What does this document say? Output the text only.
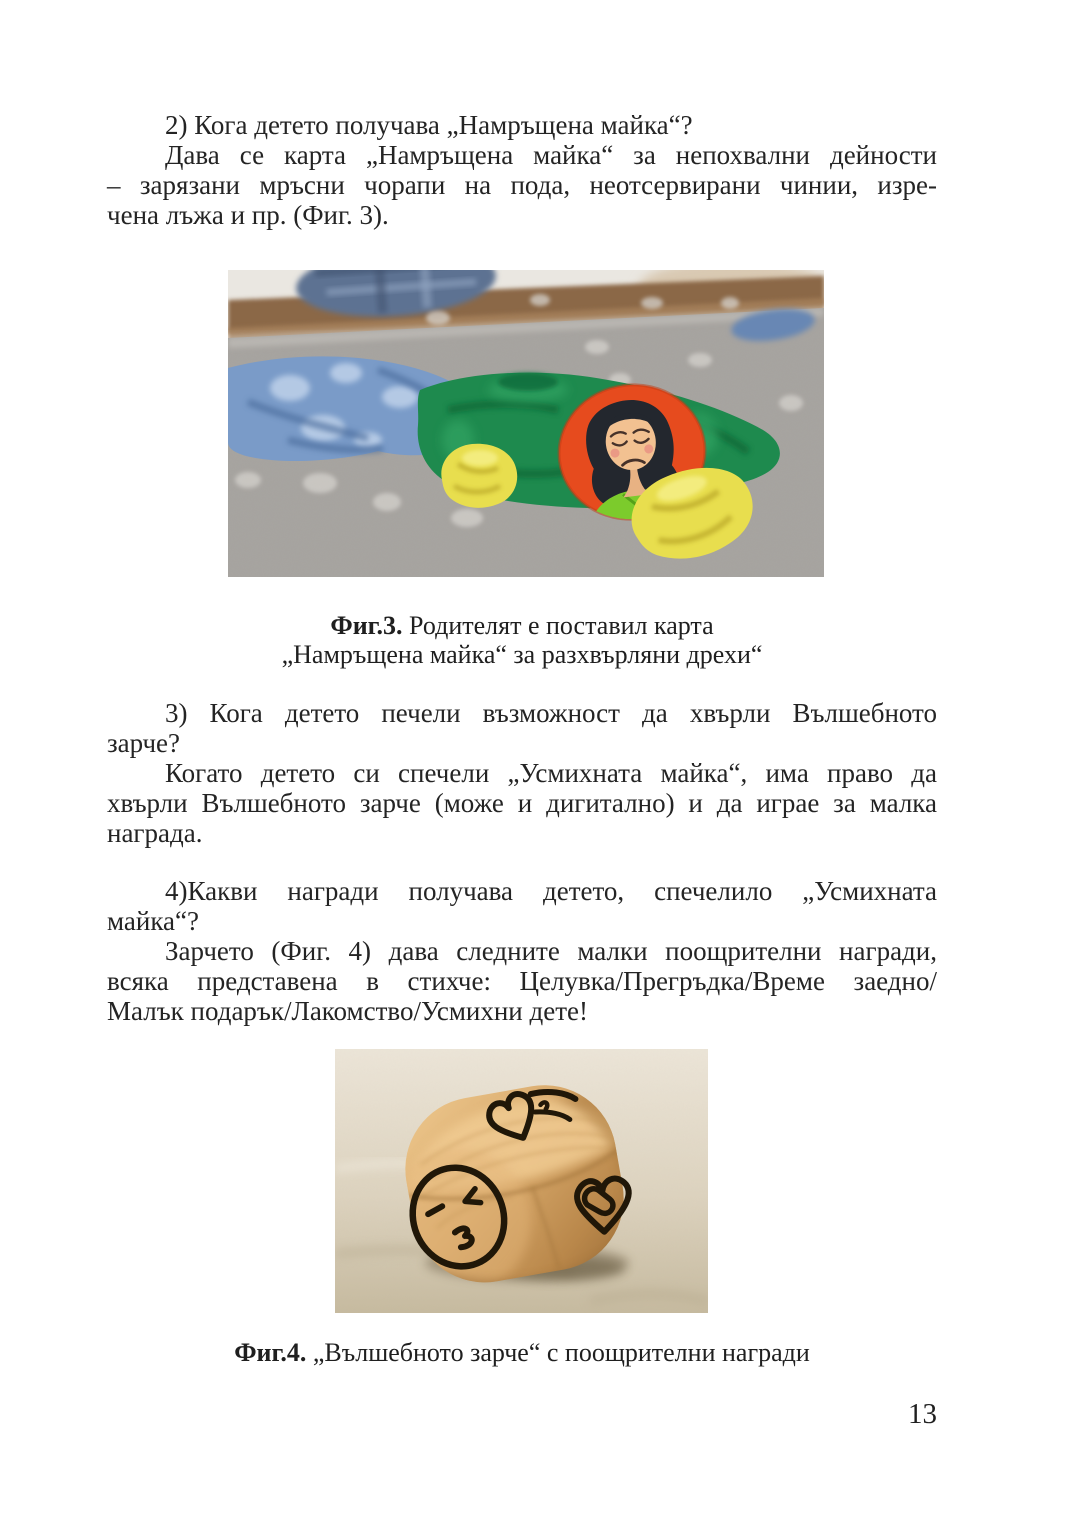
2) Кога детето получава „Намръщена майка“?
Дава се карта „Намръщена майка“ за непохвални дейности
– зарязани мръсни чорапи на пода, неотсервирани чинии, изре-
чена лъжа и пр. (Фиг. 3).
Фиг.3. Родителят е поставил карта
„Намръщена майка“ за разхвърляни дрехи“
3) Кога детето печели възможност да хвърли Вълшебното
зарче?
Когато детето си спечели „Усмихната майка“, има право да
хвърли Вълшебното зарче (може и дигитално) и да играе за малка
награда.
4)Какви награди получава детето, спечелило „Усмихната
майка“?
Зарчето (Фиг. 4) дава следните малки поощрителни награди,
всяка представена в стихче: Целувка/Прегръдка/Време заедно/
Малък подарък/Лакомство/Усмихни дете!
Фиг.4. „Вълшебното зарче“ с поощрителни награди
13
